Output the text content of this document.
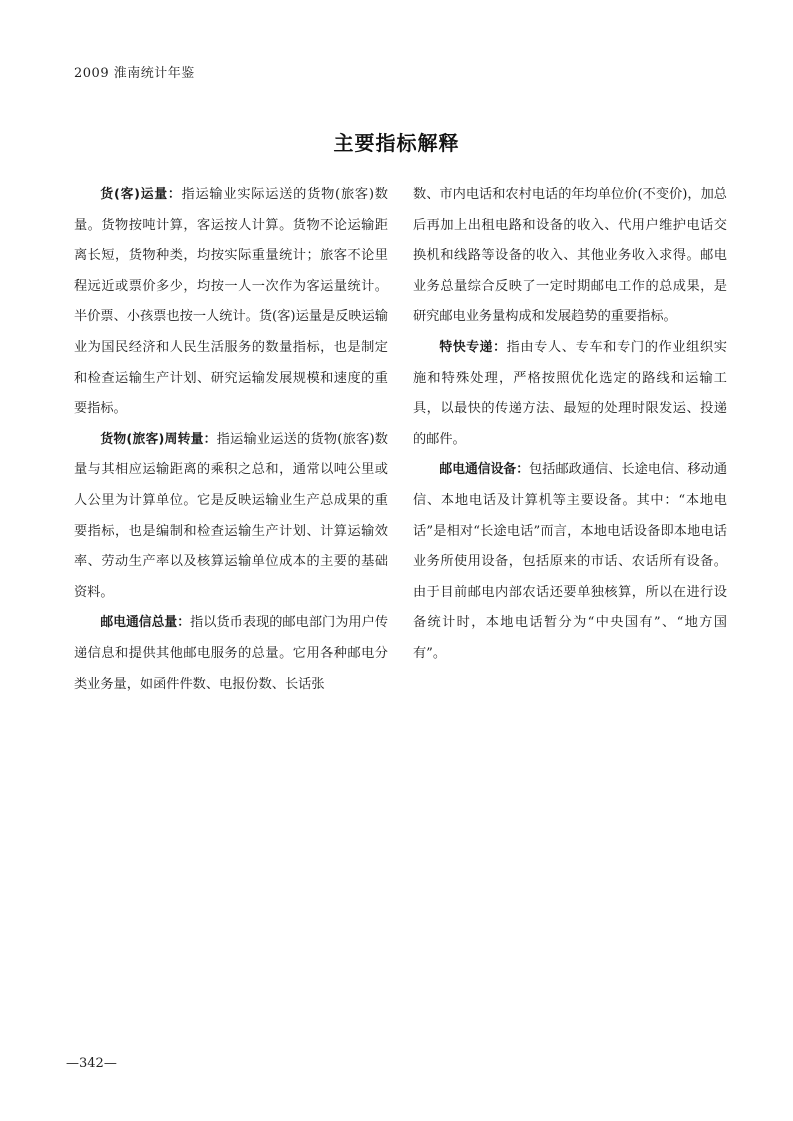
2009 淮南统计年鉴
主要指标解释

货(客)运量：指运输业实际运送的货物(旅客)数量。货物按吨计算，客运按人计算。货物不论运输距离长短，货物种类，均按实际重量统计；旅客不论里程远近或票价多少，均按一人一次作为客运量统计。半价票、小孩票也按一人统计。货(客)运量是反映运输业为国民经济和人民生活服务的数量指标，也是制定和检查运输生产计划、研究运输发展规模和速度的重要指标。

货物(旅客)周转量：指运输业运送的货物(旅客)数量与其相应运输距离的乘积之总和，通常以吨公里或人公里为计算单位。它是反映运输业生产总成果的重要指标，也是编制和检查运输生产计划、计算运输效率、劳动生产率以及核算运输单位成本的主要的基础资料。

邮电通信总量：指以货币表现的邮电部门为用户传递信息和提供其他邮电服务的总量。它用各种邮电分类业务量，如函件件数、电报份数、长话张

数、市内电话和农村电话的年均单位价(不变价)，加总后再加上出租电路和设备的收入、代用户维护电话交换机和线路等设备的收入、其他业务收入求得。邮电业务总量综合反映了一定时期邮电工作的总成果，是研究邮电业务量构成和发展趋势的重要指标。

特快专递：指由专人、专车和专门的作业组织实施和特殊处理，严格按照优化选定的路线和运输工具，以最快的传递方法、最短的处理时限发运、投递的邮件。

邮电通信设备：包括邮政通信、长途电信、移动通信、本地电话及计算机等主要设备。其中：“本地电话”是相对“长途电话”而言，本地电话设备即本地电话业务所使用设备，包括原来的市话、农话所有设备。由于目前邮电内部农话还要单独核算，所以在进行设备统计时，本地电话暂分为“中央国有”、“地方国有”。

—342—
